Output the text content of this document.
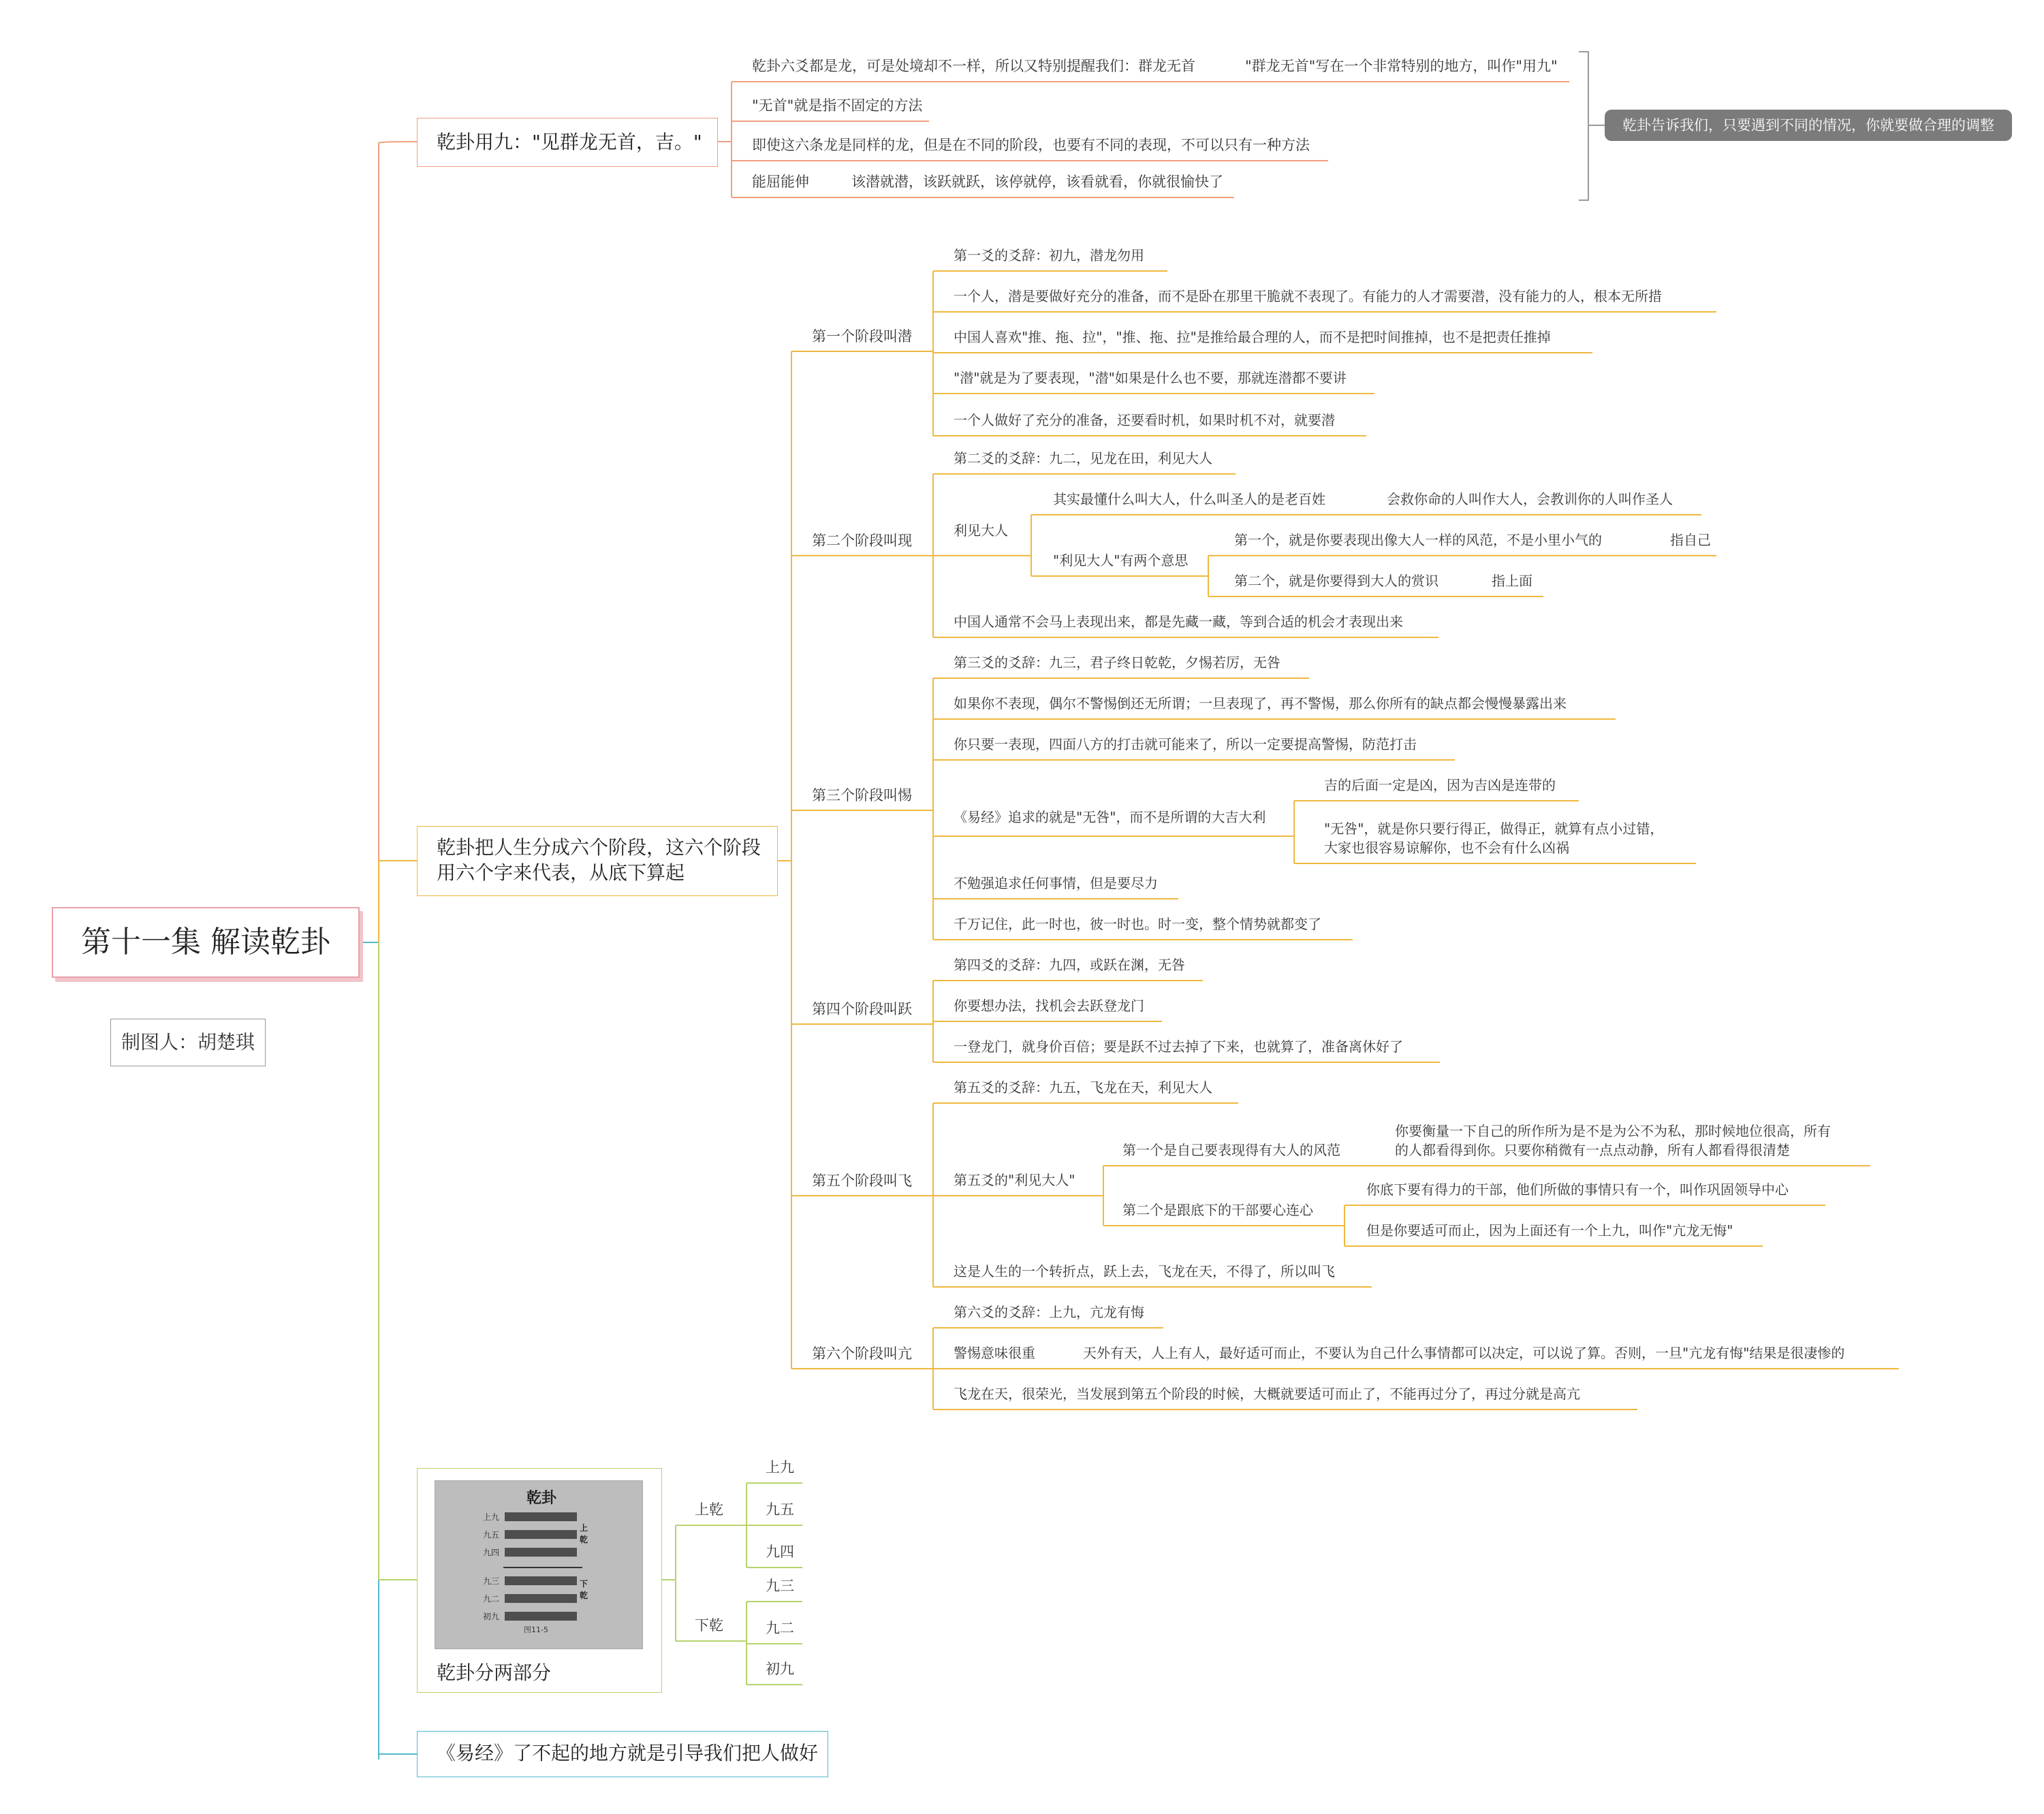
第十一集 解读乾卦
制图人：胡楚琪
乾卦用九："见群龙无首，吉。"
乾卦六爻都是龙，可是处境却不一样，所以又特别提醒我们：群龙无首	"群龙无首"写在一个非常特别的地方，叫作"用九"
"无首"就是指不固定的方法
即使这六条龙是同样的龙，但是在不同的阶段，也要有不同的表现，不可以只有一种方法
能屈能伸	该潜就潜，该跃就跃，该停就停，该看就看，你就很愉快了
乾卦告诉我们，只要遇到不同的情况，你就要做合理的调整
乾卦把人生分成六个阶段，这六个阶段
用六个字来代表，从底下算起
第一个阶段叫潜
第一爻的爻辞：初九，潜龙勿用
一个人，潜是要做好充分的准备，而不是卧在那里干脆就不表现了。有能力的人才需要潜，没有能力的人，根本无所措
中国人喜欢"推、拖、拉"，"推、拖、拉"是推给最合理的人，而不是把时间推掉，也不是把责任推掉
"潜"就是为了要表现，"潜"如果是什么也不要，那就连潜都不要讲
一个人做好了充分的准备，还要看时机，如果时机不对，就要潜
第二个阶段叫现
第二爻的爻辞：九二，见龙在田，利见大人
利见大人
其实最懂什么叫大人，什么叫圣人的是老百姓	会救你命的人叫作大人，会教训你的人叫作圣人
"利见大人"有两个意思
第一个，就是你要表现出像大人一样的风范，不是小里小气的	指自己
第二个，就是你要得到大人的赏识	指上面
中国人通常不会马上表现出来，都是先藏一藏，等到合适的机会才表现出来
第三个阶段叫惕
第三爻的爻辞：九三，君子终日乾乾，夕惕若厉，无咎
如果你不表现，偶尔不警惕倒还无所谓；一旦表现了，再不警惕，那么你所有的缺点都会慢慢暴露出来
你只要一表现，四面八方的打击就可能来了，所以一定要提高警惕，防范打击
《易经》追求的就是"无咎"，而不是所谓的大吉大利
吉的后面一定是凶，因为吉凶是连带的
"无咎"，就是你只要行得正，做得正，就算有点小过错，
大家也很容易谅解你，也不会有什么凶祸
不勉强追求任何事情，但是要尽力
千万记住，此一时也，彼一时也。时一变，整个情势就都变了
第四个阶段叫跃
第四爻的爻辞：九四，或跃在渊，无咎
你要想办法，找机会去跃登龙门
一登龙门，就身价百倍；要是跃不过去掉了下来，也就算了，准备离休好了
第五个阶段叫飞
第五爻的爻辞：九五，飞龙在天，利见大人
第五爻的"利见大人"
第一个是自己要表现得有大人的风范
你要衡量一下自己的所作所为是不是为公不为私，那时候地位很高，所有
的人都看得到你。只要你稍微有一点点动静，所有人都看得很清楚
第二个是跟底下的干部要心连心
你底下要有得力的干部，他们所做的事情只有一个，叫作巩固领导中心
但是你要适可而止，因为上面还有一个上九，叫作"亢龙无悔"
这是人生的一个转折点，跃上去，飞龙在天，不得了，所以叫飞
第六个阶段叫亢
第六爻的爻辞：上九，亢龙有悔
警惕意味很重	天外有天，人上有人，最好适可而止，不要认为自己什么事情都可以决定，可以说了算。否则，一旦"亢龙有悔"结果是很凄惨的
飞龙在天，很荣光，当发展到第五个阶段的时候，大概就要适可而止了，不能再过分了，再过分就是高亢
乾卦分两部分
乾卦
上九
九五
九四
九三
九二
初九
上乾
下乾
图11-5
上乾
下乾
上九
九五
九四
九三
九二
初九
《易经》了不起的地方就是引导我们把人做好
